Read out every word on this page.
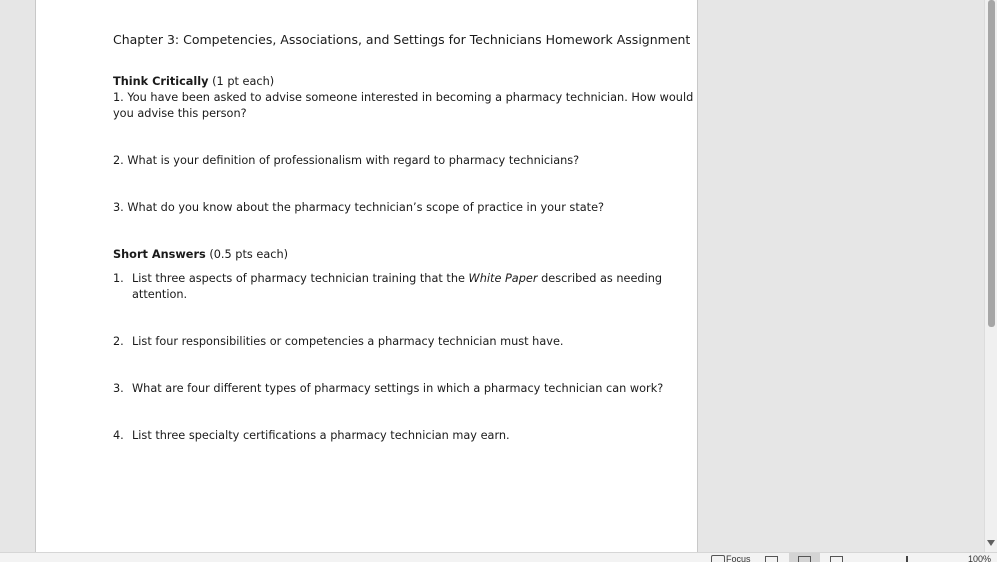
Chapter 3: Competencies, Associations, and Settings for Technicians Homework Assignment

Think Critically (1 pt each)

1. You have been asked to advise someone interested in becoming a pharmacy technician. How would

you advise this person?

2. What is your definition of professionalism with regard to pharmacy technicians?

3. What do you know about the pharmacy technician’s scope of practice in your state?

Short Answers (0.5 pts each)

1. List three aspects of pharmacy technician training that the White Paper described as needing
attention.
2. List four responsibilities or competencies a pharmacy technician must have.
3. What are four different types of pharmacy settings in which a pharmacy technician can work?
4. List three specialty certifications a pharmacy technician may earn.
Focus	100%
